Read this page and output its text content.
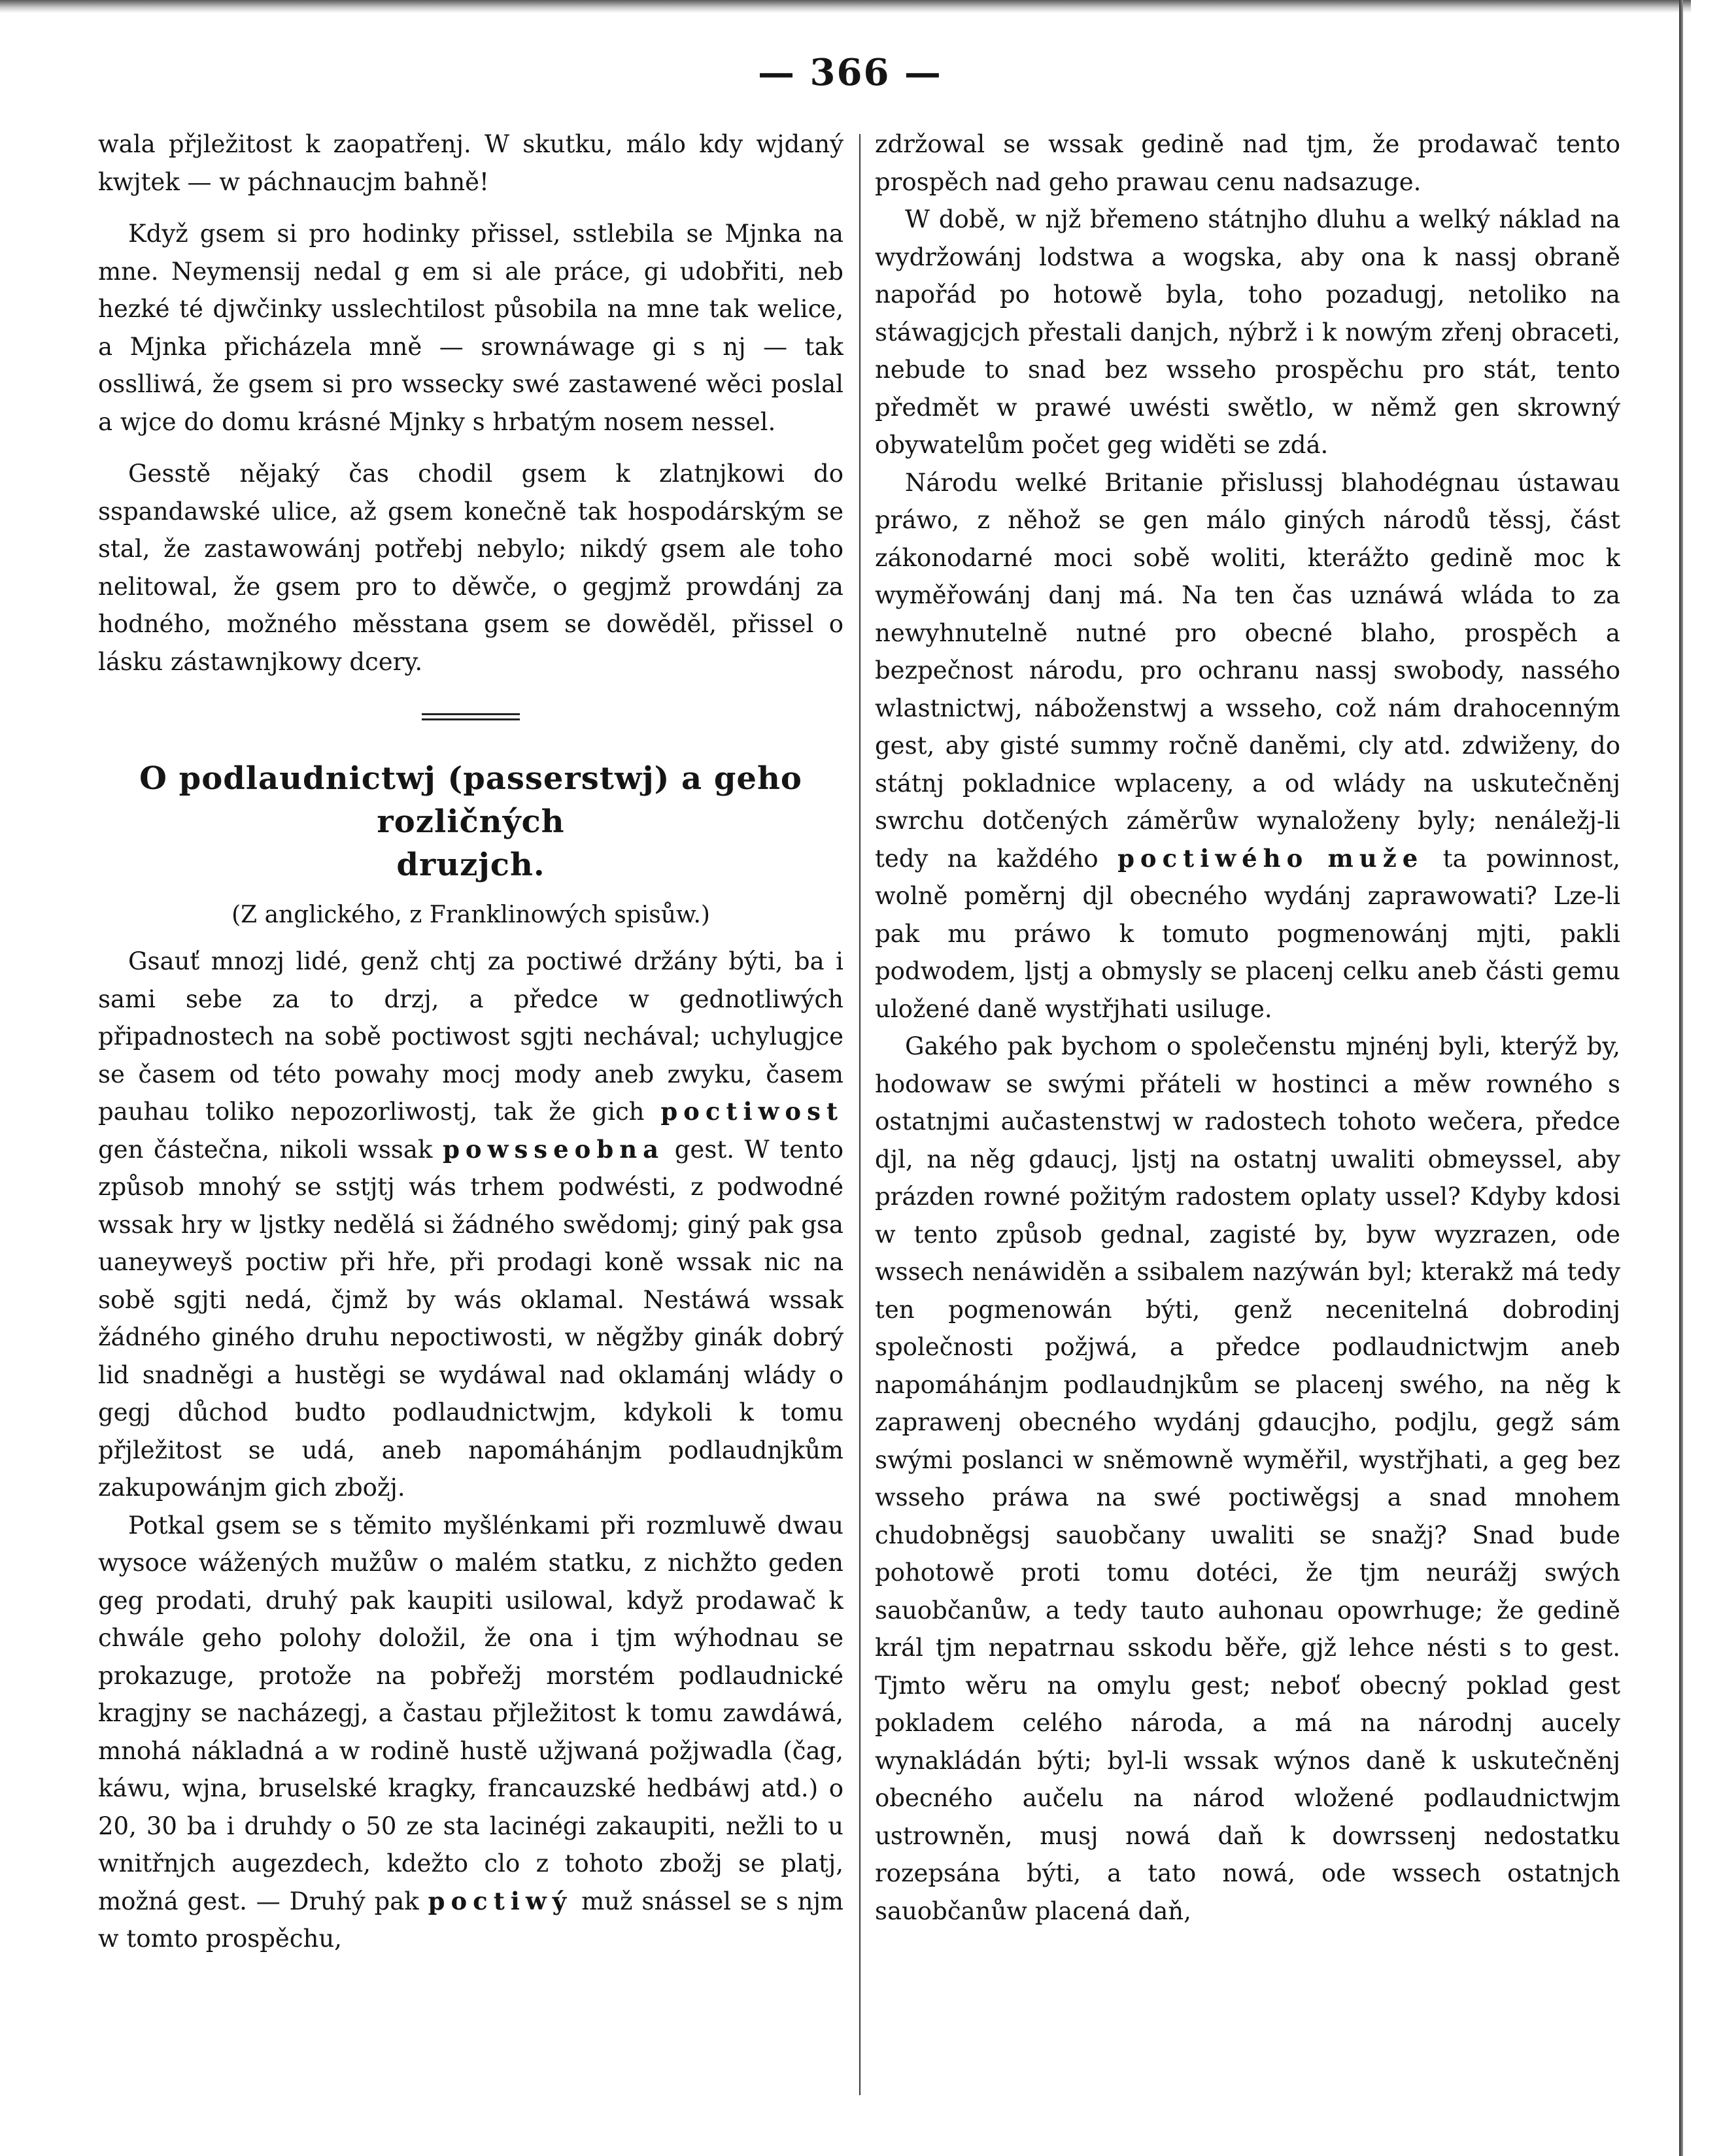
— 366 —

wala přjležitost k zaopatřenj. W skutku, málo kdy wjdaný kwjtek — w páchnaucjm bahně!

Když gsem si pro hodinky přissel, sstlebila se Mjnka na mne. Neymensij nedal g em si ale práce, gi udobřiti, neb hezké té djwčinky usslechtilost působila na mne tak welice, a Mjnka přicházela mně — srownáwage gi s nj — tak osslliwá, že gsem si pro wssecky swé zastawené wěci poslal a wjce do domu krásné Mjnky s hrbatým nosem nessel.

Gesstě nějaký čas chodil gsem k zlatnjkowi do sspandawské ulice, až gsem konečně tak hospodárským se stal, že zastawowánj potřebj nebylo; nikdý gsem ale toho nelitowal, že gsem pro to děwče, o gegjmž prowdánj za hodného, možného měsstana gsem se dowěděl, přissel o lásku zástawnjkowy dcery.

O podlaudnictwj (passerstwj) a geho rozličných
druzjch.
(Z anglického, z Franklinowých spisůw.)

Gsauť mnozj lidé, genž chtj za poctiwé držány býti, ba i sami sebe za to drzj, a předce w gednotliwých připadnostech na sobě poctiwost sgjti nechával; uchylugjce se časem od této powahy mocj mody aneb zwyku, časem pauhau toliko nepozorliwostj, tak že gich poctiwost gen částečna, nikoli wssak powsseobna gest. W tento způsob mnohý se sstjtj wás trhem podwésti, z podwodné wssak hry w ljstky nedělá si žádného swědomj; giný pak gsa uaneyweyš poctiw při hře, při prodagi koně wssak nic na sobě sgjti nedá, čjmž by wás oklamal. Nestáwá wssak žádného giného druhu nepoctiwosti, w něgžby ginák dobrý lid snadněgi a hustěgi se wydáwal nad oklamánj wlády o gegj důchod budto podlaudnictwjm, kdykoli k tomu přjležitost se udá, aneb napomáhánjm podlaudnjkům zakupowánjm gich zbožj.

Potkal gsem se s těmito myšlénkami při rozmluwě dwau wysoce wážených mužůw o malém statku, z nichžto geden geg prodati, druhý pak kaupiti usilowal, když prodawač k chwále geho polohy doložil, že ona i tjm wýhodnau se prokazuge, protože na pobřežj morstém podlaudnické kragjny se nacházegj, a častau přjležitost k tomu zawdáwá, mnohá nákladná a w rodině hustě užjwaná požjwadla (čag, káwu, wjna, bruselské kragky, francauzské hedbáwj atd.) o 20, 30 ba i druhdy o 50 ze sta lacinégi zakaupiti, nežli to u wnitřnjch augezdech, kdežto clo z tohoto zbožj se platj, možná gest. — Druhý pak poctiwý muž snássel se s njm w tomto prospěchu,

zdržowal se wssak gedině nad tjm, že prodawač tento prospěch nad geho prawau cenu nadsazuge.

W době, w njž břemeno státnjho dluhu a welký náklad na wydržowánj lodstwa a wogska, aby ona k nassj obraně napořád po hotowě byla, toho pozadugj, netoliko na stáwagjcjch přestali danjch, nýbrž i k nowým zřenj obraceti, nebude to snad bez wsseho prospěchu pro stát, tento předmět w prawé uwésti swětlo, w němž gen skrowný obywatelům počet geg widěti se zdá.

Národu welké Britanie přislussj blahodégnau ústawau práwo, z něhož se gen málo giných národů těssj, část zákonodarné moci sobě woliti, kterážto gedině moc k wyměřowánj danj má. Na ten čas uznáwá wláda to za newyhnutelně nutné pro obecné blaho, prospěch a bezpečnost národu, pro ochranu nassj swobody, nassého wlastnictwj, náboženstwj a wsseho, což nám drahocenným gest, aby gisté summy ročně daněmi, cly atd. zdwiženy, do státnj pokladnice wplaceny, a od wlády na uskutečněnj swrchu dotčených záměrůw wynaloženy byly; nenáležj-li tedy na každého poctiwého muže ta powinnost, wolně poměrnj djl obecného wydánj zaprawowati? Lze-li pak mu práwo k tomuto pogmenowánj mjti, pakli podwodem, ljstj a obmysly se placenj celku aneb části gemu uložené daně wystřjhati usiluge.

Gakého pak bychom o společenstu mjnénj byli, kterýž by, hodowaw se swými přáteli w hostinci a měw rowného s ostatnjmi aučastenstwj w radostech tohoto wečera, předce djl, na něg gdaucj, ljstj na ostatnj uwaliti obmeyssel, aby prázden rowné požitým radostem oplaty ussel? Kdyby kdosi w tento způsob gednal, zagisté by, byw wyzrazen, ode wssech nenáwiděn a ssibalem nazýwán byl; kterakž má tedy ten pogmenowán býti, genž necenitelná dobrodinj společnosti požjwá, a předce podlaudnictwjm aneb napomáhánjm podlaudnjkům se placenj swého, na něg k zaprawenj obecného wydánj gdaucjho, podjlu, gegž sám swými poslanci w sněmowně wyměřil, wystřjhati, a geg bez wsseho práwa na swé poctiwěgsj a snad mnohem chudobněgsj sauobčany uwaliti se snažj? Snad bude pohotowě proti tomu dotéci, že tjm neurážj swých sauobčanůw, a tedy tauto auhonau opowrhuge; že gedině král tjm nepatrnau sskodu běře, gjž lehce nésti s to gest. Tjmto wěru na omylu gest; neboť obecný poklad gest pokladem celého národa, a má na národnj aucely wynakládán býti; byl-li wssak wýnos daně k uskutečněnj obecného aučelu na národ wložené podlaudnictwjm ustrowněn, musj nowá daň k dowrssenj nedostatku rozepsána býti, a tato nowá, ode wssech ostatnjch sauobčanůw placená daň,
